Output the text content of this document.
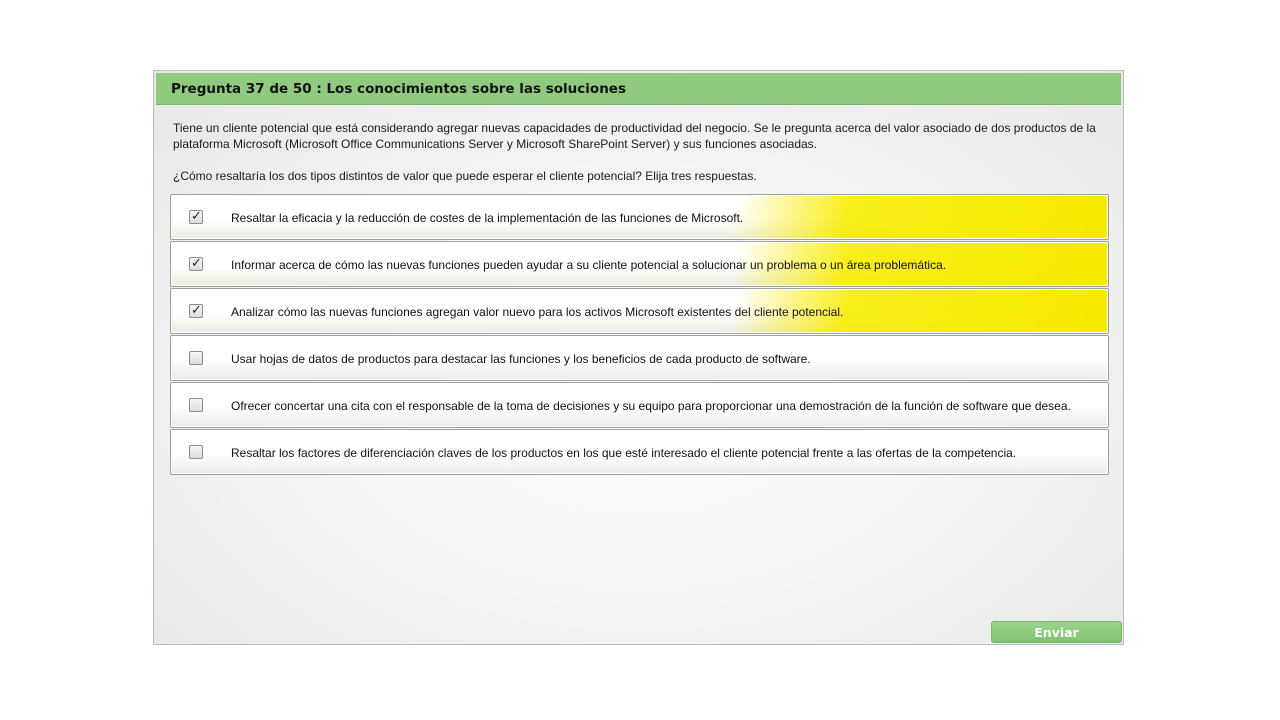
Pregunta 37 de 50 : Los conocimientos sobre las soluciones
Tiene un cliente potencial que está considerando agregar nuevas capacidades de productividad del negocio. Se le pregunta acerca del valor asociado de dos productos de la plataforma Microsoft (Microsoft Office Communications Server y Microsoft SharePoint Server) y sus funciones asociadas.
¿Cómo resaltaría los dos tipos distintos de valor que puede esperar el cliente potencial? Elija tres respuestas.
✓ Resaltar la eficacia y la reducción de costes de la implementación de las funciones de Microsoft.
✓ Informar acerca de cómo las nuevas funciones pueden ayudar a su cliente potencial a solucionar un problema o un área problemática.
✓ Analizar cómo las nuevas funciones agregan valor nuevo para los activos Microsoft existentes del cliente potencial.
Usar hojas de datos de productos para destacar las funciones y los beneficios de cada producto de software.
Ofrecer concertar una cita con el responsable de la toma de decisiones y su equipo para proporcionar una demostración de la función de software que desea.
Resaltar los factores de diferenciación claves de los productos en los que esté interesado el cliente potencial frente a las ofertas de la competencia.
Enviar
